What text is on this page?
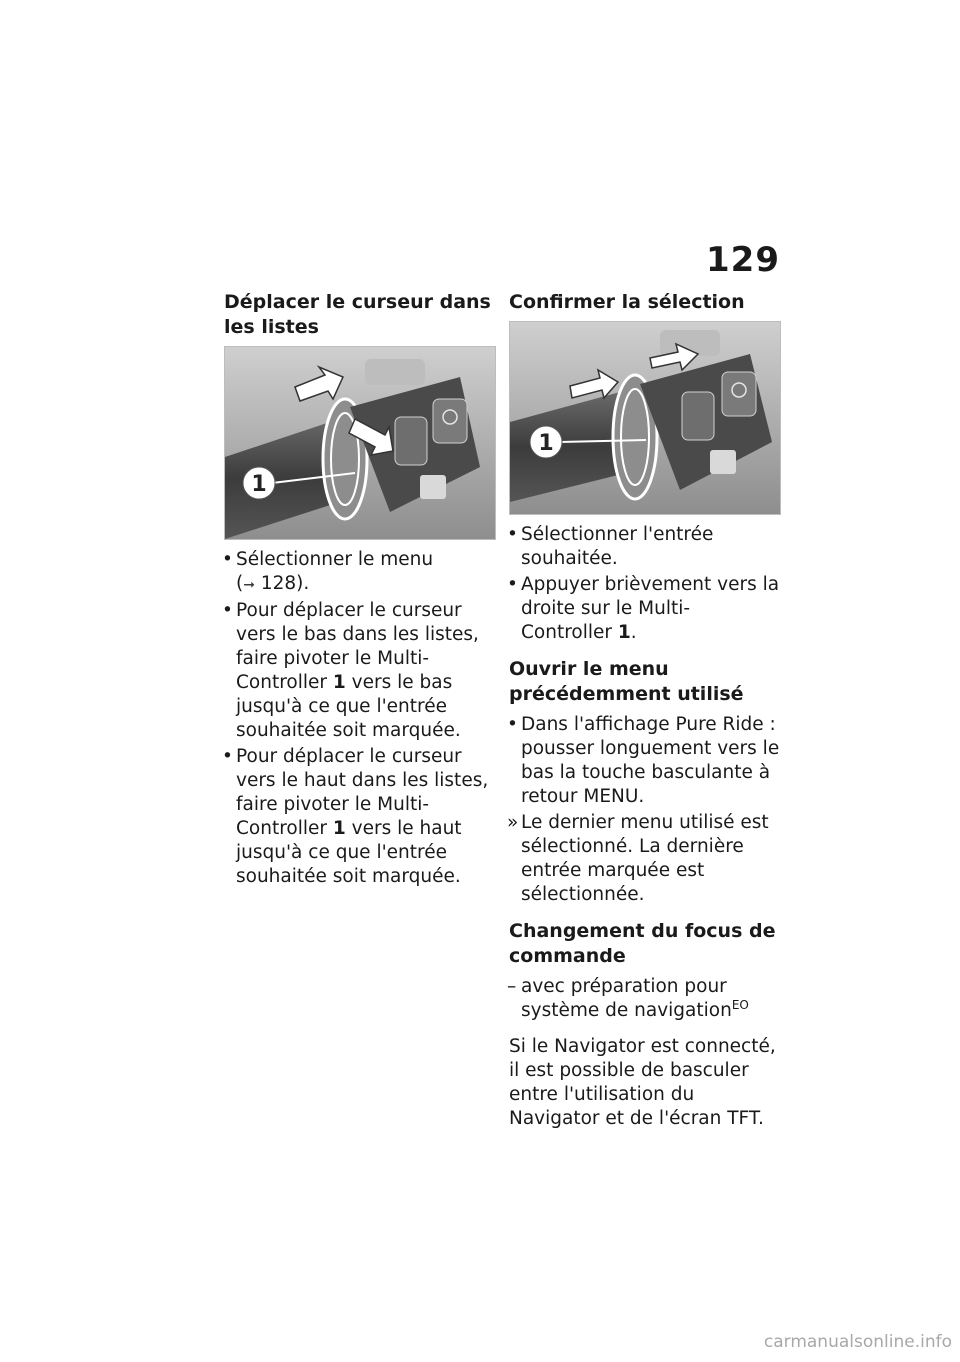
129
Déplacer le curseur dans les listes
1
• Sélectionner le menu
(➞ 128).
• Pour déplacer le curseur vers le bas dans les listes, faire pivoter le Multi-Controller 1 vers le bas jusqu'à ce que l'entrée souhaitée soit marquée.
• Pour déplacer le curseur vers le haut dans les listes, faire pivoter le Multi-Controller 1 vers le haut jusqu'à ce que l'entrée souhaitée soit marquée.
Confirmer la sélection
1
• Sélectionner l'entrée souhaitée.
• Appuyer brièvement vers la droite sur le Multi-Controller 1.
Ouvrir le menu précédemment utilisé
• Dans l'affichage Pure Ride : pousser longuement vers le bas la touche basculante à retour MENU.
» Le dernier menu utilisé est sélectionné. La dernière entrée marquée est sélectionnée.
Changement du focus de commande
– avec préparation pour système de navigation$^{EO}$

Si le Navigator est connecté, il est possible de basculer entre l'utilisation du Navigator et de l'écran TFT.

carmanualsonline.info
